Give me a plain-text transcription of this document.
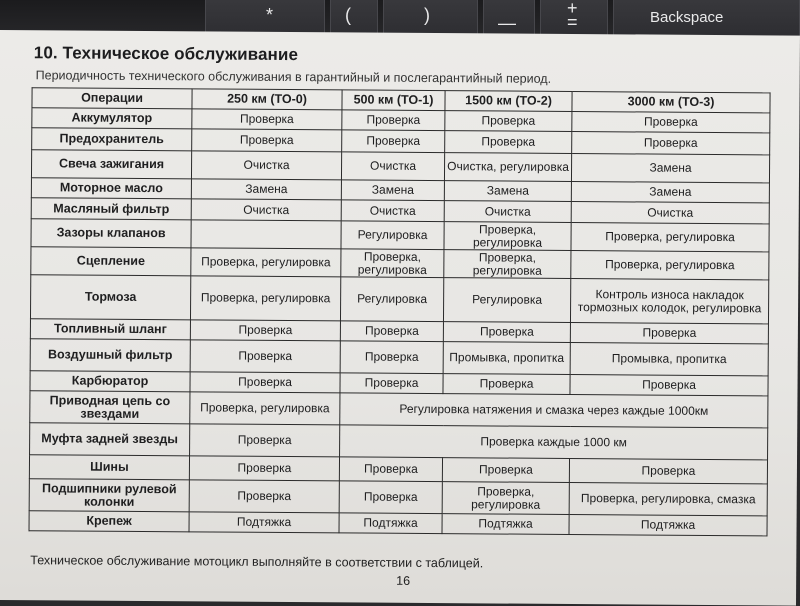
*	(	)	—
+ =	Backspace
10. Техническое обслуживание
Периодичность технического обслуживания в гарантийный и послегарантийный период.
Операции	250 км (ТО-0)	500 км (ТО-1)	1500 км (ТО-2)	3000 км (ТО-3)
Аккумулятор	Проверка	Проверка	Проверка	Проверка
Предохранитель	Проверка	Проверка	Проверка	Проверка
Свеча зажигания	Очистка	Очистка	Очистка, регулировка	Замена
Моторное масло	Замена	Замена	Замена	Замена
Масляный фильтр	Очистка	Очистка	Очистка	Очистка
Зазоры клапанов		Регулировка	Проверка, регулировка	Проверка, регулировка
Сцепление	Проверка, регулировка	Проверка, регулировка	Проверка, регулировка	Проверка, регулировка
Тормоза	Проверка, регулировка	Регулировка	Регулировка	Контроль износа накладок тормозных колодок, регулировка
Топливный шланг	Проверка	Проверка	Проверка	Проверка
Воздушный фильтр	Проверка	Проверка	Промывка, пропитка	Промывка, пропитка
Карбюратор	Проверка	Проверка	Проверка	Проверка
Приводная цепь со звездами	Проверка, регулировка	Регулировка натяжения и смазка через каждые 1000км		
Муфта задней звезды	Проверка	Проверка каждые 1000 км		
Шины	Проверка	Проверка	Проверка	Проверка
Подшипники рулевой колонки	Проверка	Проверка	Проверка, регулировка	Проверка, регулировка, смазка
Крепеж	Подтяжка	Подтяжка	Подтяжка	Подтяжка
Техническое обслуживание мотоцикл выполняйте в соответствии с таблицей.
16
